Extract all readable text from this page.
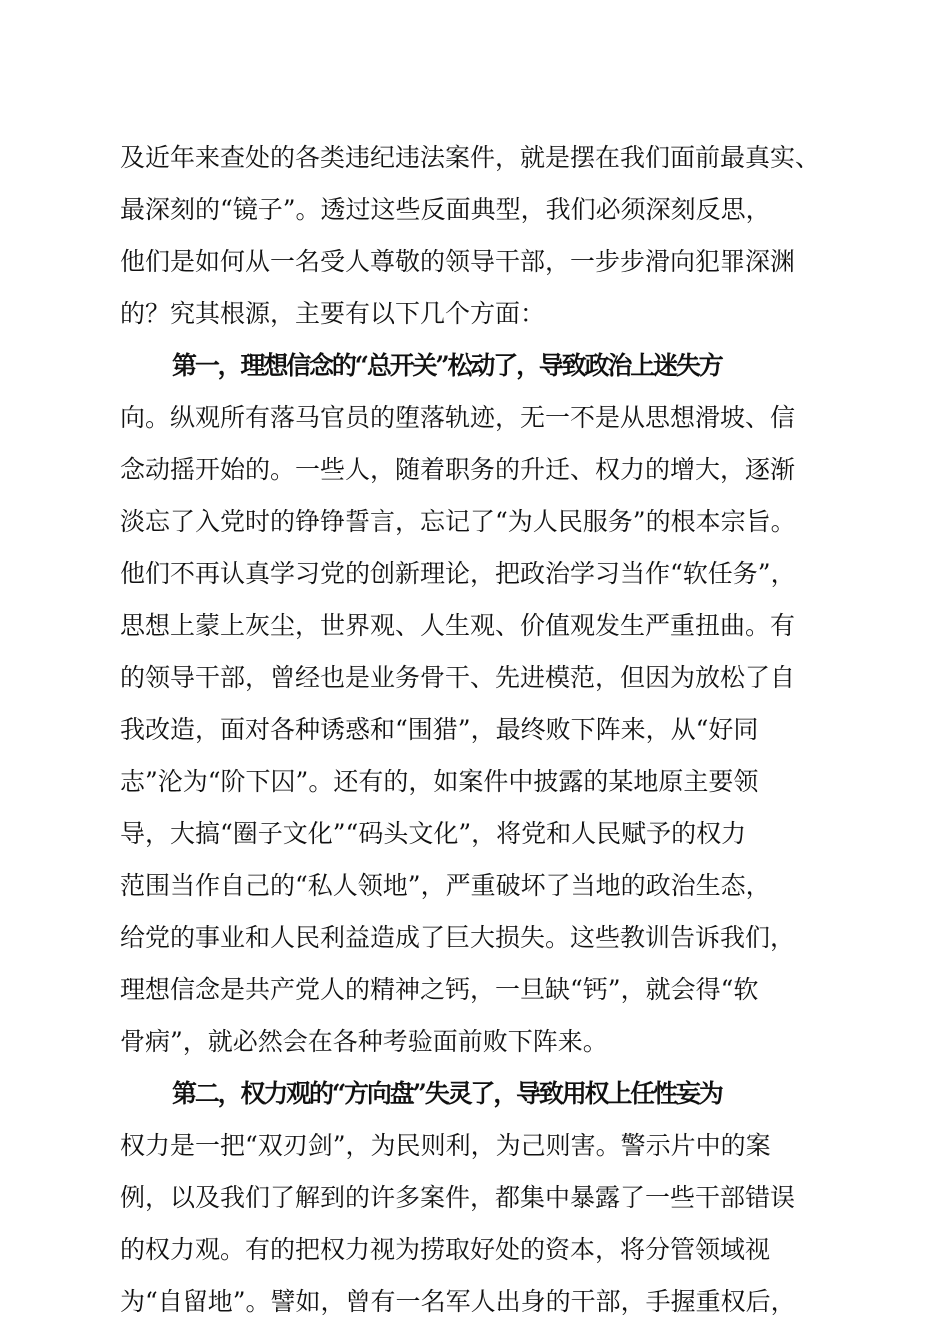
及近年来查处的各类违纪违法案件，就是摆在我们面前最真实、
最深刻的“镜子”。透过这些反面典型，我们必须深刻反思，
他们是如何从一名受人尊敬的领导干部，一步步滑向犯罪深渊
的？究其根源，主要有以下几个方面：
第一，理想信念的“总开关”松动了，导致政治上迷失方
向。纵观所有落马官员的堕落轨迹，无一不是从思想滑坡、信
念动摇开始的。一些人，随着职务的升迁、权力的增大，逐渐
淡忘了入党时的铮铮誓言，忘记了“为人民服务”的根本宗旨。
他们不再认真学习党的创新理论，把政治学习当作“软任务”，
思想上蒙上灰尘，世界观、人生观、价值观发生严重扭曲。有
的领导干部，曾经也是业务骨干、先进模范，但因为放松了自
我改造，面对各种诱惑和“围猎”，最终败下阵来，从“好同
志”沦为“阶下囚”。还有的，如案件中披露的某地原主要领
导，大搞“圈子文化”“码头文化”，将党和人民赋予的权力
范围当作自己的“私人领地”，严重破坏了当地的政治生态，
给党的事业和人民利益造成了巨大损失。这些教训告诉我们，
理想信念是共产党人的精神之钙，一旦缺“钙”，就会得“软
骨病”，就必然会在各种考验面前败下阵来。
第二，权力观的“方向盘”失灵了，导致用权上任性妄为
权力是一把“双刃剑”，为民则利，为己则害。警示片中的案
例，以及我们了解到的许多案件，都集中暴露了一些干部错误
的权力观。有的把权力视为捞取好处的资本，将分管领域视
为“自留地”。譬如，曾有一名军人出身的干部，手握重权后，
